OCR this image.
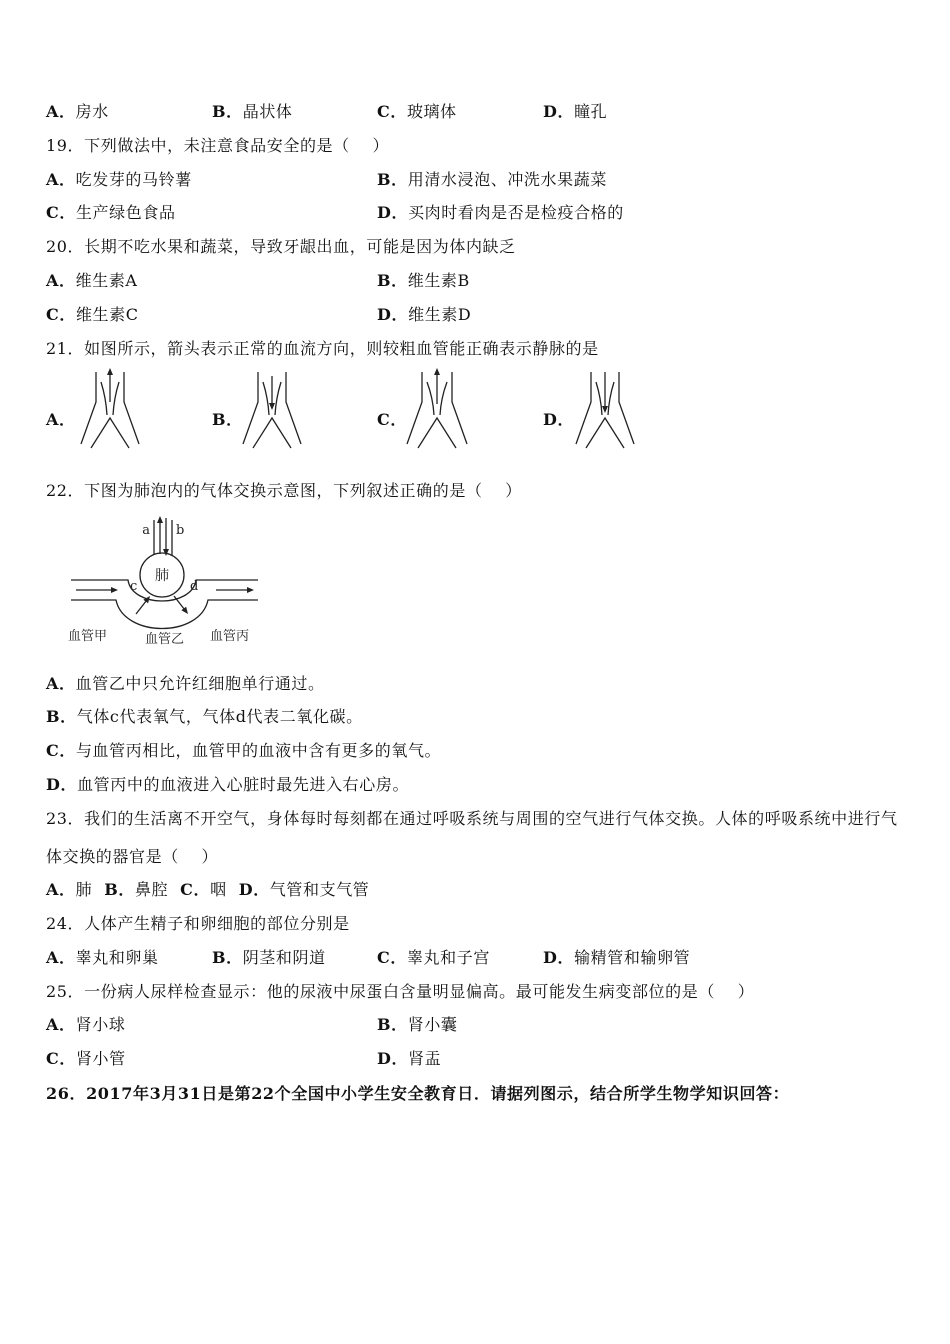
A．房水	B．晶状体	C．玻璃体	D．瞳孔
19．下列做法中，未注意食品安全的是（    ）
A．吃发芽的马铃薯	B．用清水浸泡、冲洗水果蔬菜
C．生产绿色食品	D．买肉时看肉是否是检疫合格的
20．长期不吃水果和蔬菜，导致牙龈出血，可能是因为体内缺乏
A．维生素A	B．维生素B
C．维生素C	D．维生素D
21．如图所示，箭头表示正常的血流方向，则较粗血管能正确表示静脉的是
A．	B．	C．	D．
22．下图为肺泡内的气体交换示意图，下列叙述正确的是（    ）
a b
肺
c	d
血管甲	血管乙 血管丙
A．血管乙中只允许红细胞单行通过。
B．气体c代表氧气，气体d代表二氧化碳。
C．与血管丙相比，血管甲的血液中含有更多的氧气。
D．血管丙中的血液进入心脏时最先进入右心房。
23．我们的生活离不开空气，身体每时每刻都在通过呼吸系统与周围的空气进行气体交换。人体的呼吸系统中进行气体交换的器官是（    ）
A．肺 B．鼻腔 C．咽 D．气管和支气管
24．人体产生精子和卵细胞的部位分别是
A．睾丸和卵巢	B．阴茎和阴道	C．睾丸和子宫	D．输精管和输卵管
25．一份病人尿样检查显示：他的尿液中尿蛋白含量明显偏高。最可能发生病变部位的是（    ）
A．肾小球	B．肾小囊
C．肾小管	D．肾盂
26．2017年3月31日是第22个全国中小学生安全教育日．请据列图示，结合所学生物学知识回答：
